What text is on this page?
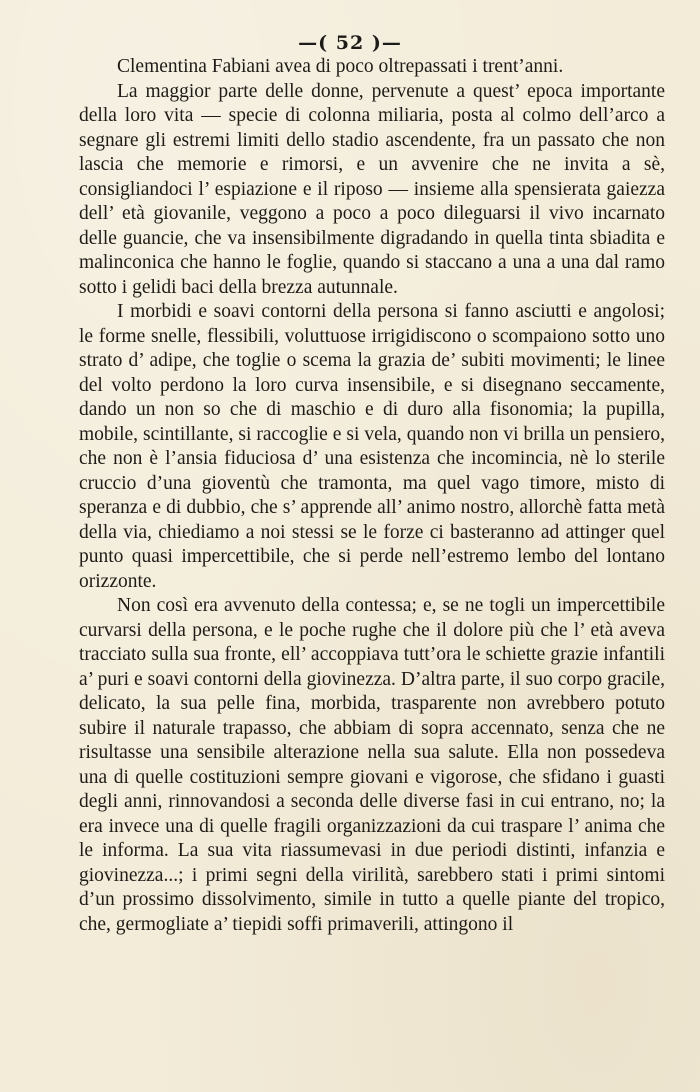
—( 52 )—

Clementina Fabiani avea di poco oltrepassati i trent’anni.

La maggior parte delle donne, pervenute a quest’ epoca importante della loro vita — specie di colonna miliaria, posta al colmo dell’arco a segnare gli estremi limiti dello stadio ascendente, fra un passato che non lascia che memorie e rimorsi, e un avvenire che ne invita a sè, consigliandoci l’ espiazione e il riposo — insieme alla spensierata gaiezza dell’ età giovanile, veggono a poco a poco dileguarsi il vivo incarnato delle guancie, che va insensibilmente digradando in quella tinta sbiadita e malinconica che hanno le foglie, quando si staccano a una a una dal ramo sotto i gelidi baci della brezza autunnale.

I morbidi e soavi contorni della persona si fanno asciutti e angolosi; le forme snelle, flessibili, voluttuose irrigidiscono o scompaiono sotto uno strato d’ adipe, che toglie o scema la grazia de’ subiti movimenti; le linee del volto perdono la loro curva insensibile, e si disegnano seccamente, dando un non so che di maschio e di duro alla fisonomia; la pupilla, mobile, scintillante, si raccoglie e si vela, quando non vi brilla un pensiero, che non è l’ansia fiduciosa d’ una esistenza che incomincia, nè lo sterile cruccio d’una gioventù che tramonta, ma quel vago timore, misto di speranza e di dubbio, che s’ apprende all’ animo nostro, allorchè fatta metà della via, chiediamo a noi stessi se le forze ci basteranno ad attinger quel punto quasi impercettibile, che si perde nell’estremo lembo del lontano orizzonte.

Non così era avvenuto della contessa; e, se ne togli un impercettibile curvarsi della persona, e le poche rughe che il dolore più che l’ età aveva tracciato sulla sua fronte, ell’ accoppiava tutt’ora le schiette grazie infantili a’ puri e soavi contorni della giovinezza. D’altra parte, il suo corpo gracile, delicato, la sua pelle fina, morbida, trasparente non avrebbero potuto subire il naturale trapasso, che abbiam di sopra accennato, senza che ne risultasse una sensibile alterazione nella sua salute. Ella non possedeva una di quelle costituzioni sempre giovani e vigorose, che sfidano i guasti degli anni, rinnovandosi a seconda delle diverse fasi in cui entrano, no; la era invece una di quelle fragili organizzazioni da cui traspare l’ anima che le informa. La sua vita riassumevasi in due periodi distinti, infanzia e giovinezza...; i primi segni della virilità, sarebbero stati i primi sintomi d’un prossimo dissolvimento, simile in tutto a quelle piante del tropico, che, germogliate a’ tiepidi soffi primaverili, attingono il
